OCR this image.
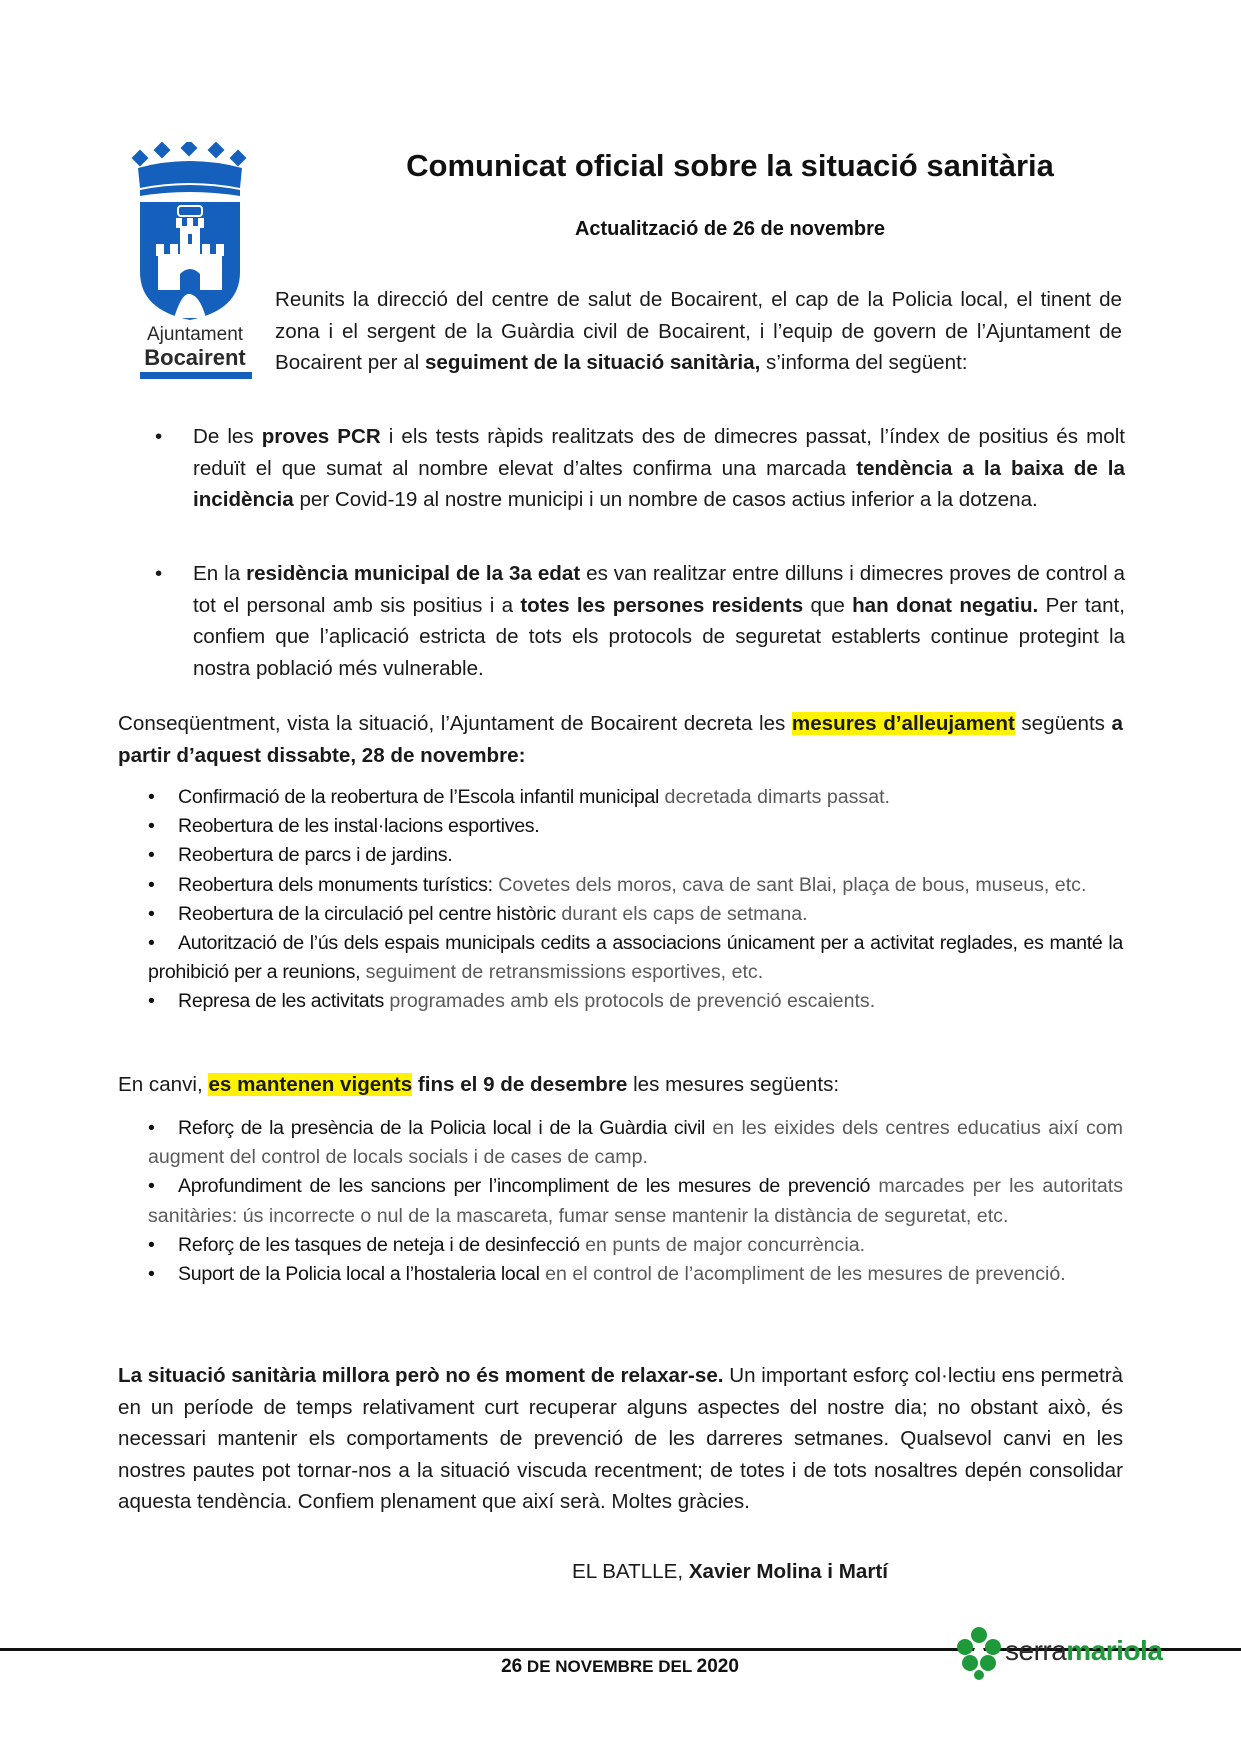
Ajuntament
Bocairent
Comunicat oficial sobre la situació sanitària
Actualització de 26 de novembre

Reunits la direcció del centre de salut de Bocairent, el cap de la Policia local, el tinent de zona i el sergent de la Guàrdia civil de Bocairent, i l’equip de govern de l’Ajuntament de Bocairent per al seguiment de la situació sanitària, s’informa del següent:

• De les proves PCR i els tests ràpids realitzats des de dimecres passat, l’índex de positius és molt reduït el que sumat al nombre elevat d’altes confirma una marcada tendència a la baixa de la incidència per Covid-19 al nostre municipi i un nombre de casos actius inferior a la dotzena.

• En la residència municipal de la 3a edat es van realitzar entre dilluns i dimecres proves de control a tot el personal amb sis positius i a totes les persones residents que han donat negatiu. Per tant, confiem que l’aplicació estricta de tots els protocols de seguretat establerts continue protegint la nostra població més vulnerable.

Conseqüentment, vista la situació, l’Ajuntament de Bocairent decreta les mesures d’alleujament següents a partir d’aquest dissabte, 28 de novembre:

• Confirmació de la reobertura de l’Escola infantil municipal decretada dimarts passat.

• Reobertura de les instal·lacions esportives.

• Reobertura de parcs i de jardins.

• Reobertura dels monuments turístics: Covetes dels moros, cava de sant Blai, plaça de bous, museus, etc.

• Reobertura de la circulació pel centre històric durant els caps de setmana.

• Autorització de l’ús dels espais municipals cedits a associacions únicament per a activitat reglades, es manté la prohibició per a reunions, seguiment de retransmissions esportives, etc.

• Represa de les activitats programades amb els protocols de prevenció escaients.

En canvi, es mantenen vigents fins el 9 de desembre les mesures següents:

• Reforç de la presència de la Policia local i de la Guàrdia civil en les eixides dels centres educatius així com augment del control de locals socials i de cases de camp.

• Aprofundiment de les sancions per l’incompliment de les mesures de prevenció marcades per les autoritats sanitàries: ús incorrecte o nul de la mascareta, fumar sense mantenir la distància de seguretat, etc.

• Reforç de les tasques de neteja i de desinfecció en punts de major concurrència.

• Suport de la Policia local a l’hostaleria local en el control de l’acompliment de les mesures de prevenció.

La situació sanitària millora però no és moment de relaxar-se. Un important esforç col·lectiu ens permetrà en un període de temps relativament curt recuperar alguns aspectes del nostre dia; no obstant això, és necessari mantenir els comportaments de prevenció de les darreres setmanes. Qualsevol canvi en les nostres pautes pot tornar-nos a la situació viscuda recentment; de totes i de tots nosaltres depén consolidar aquesta tendència. Confiem plenament que així serà. Moltes gràcies.

EL BATLLE, Xavier Molina i Martí

26 DE NOVEMBRE DEL 2020
serramariola
